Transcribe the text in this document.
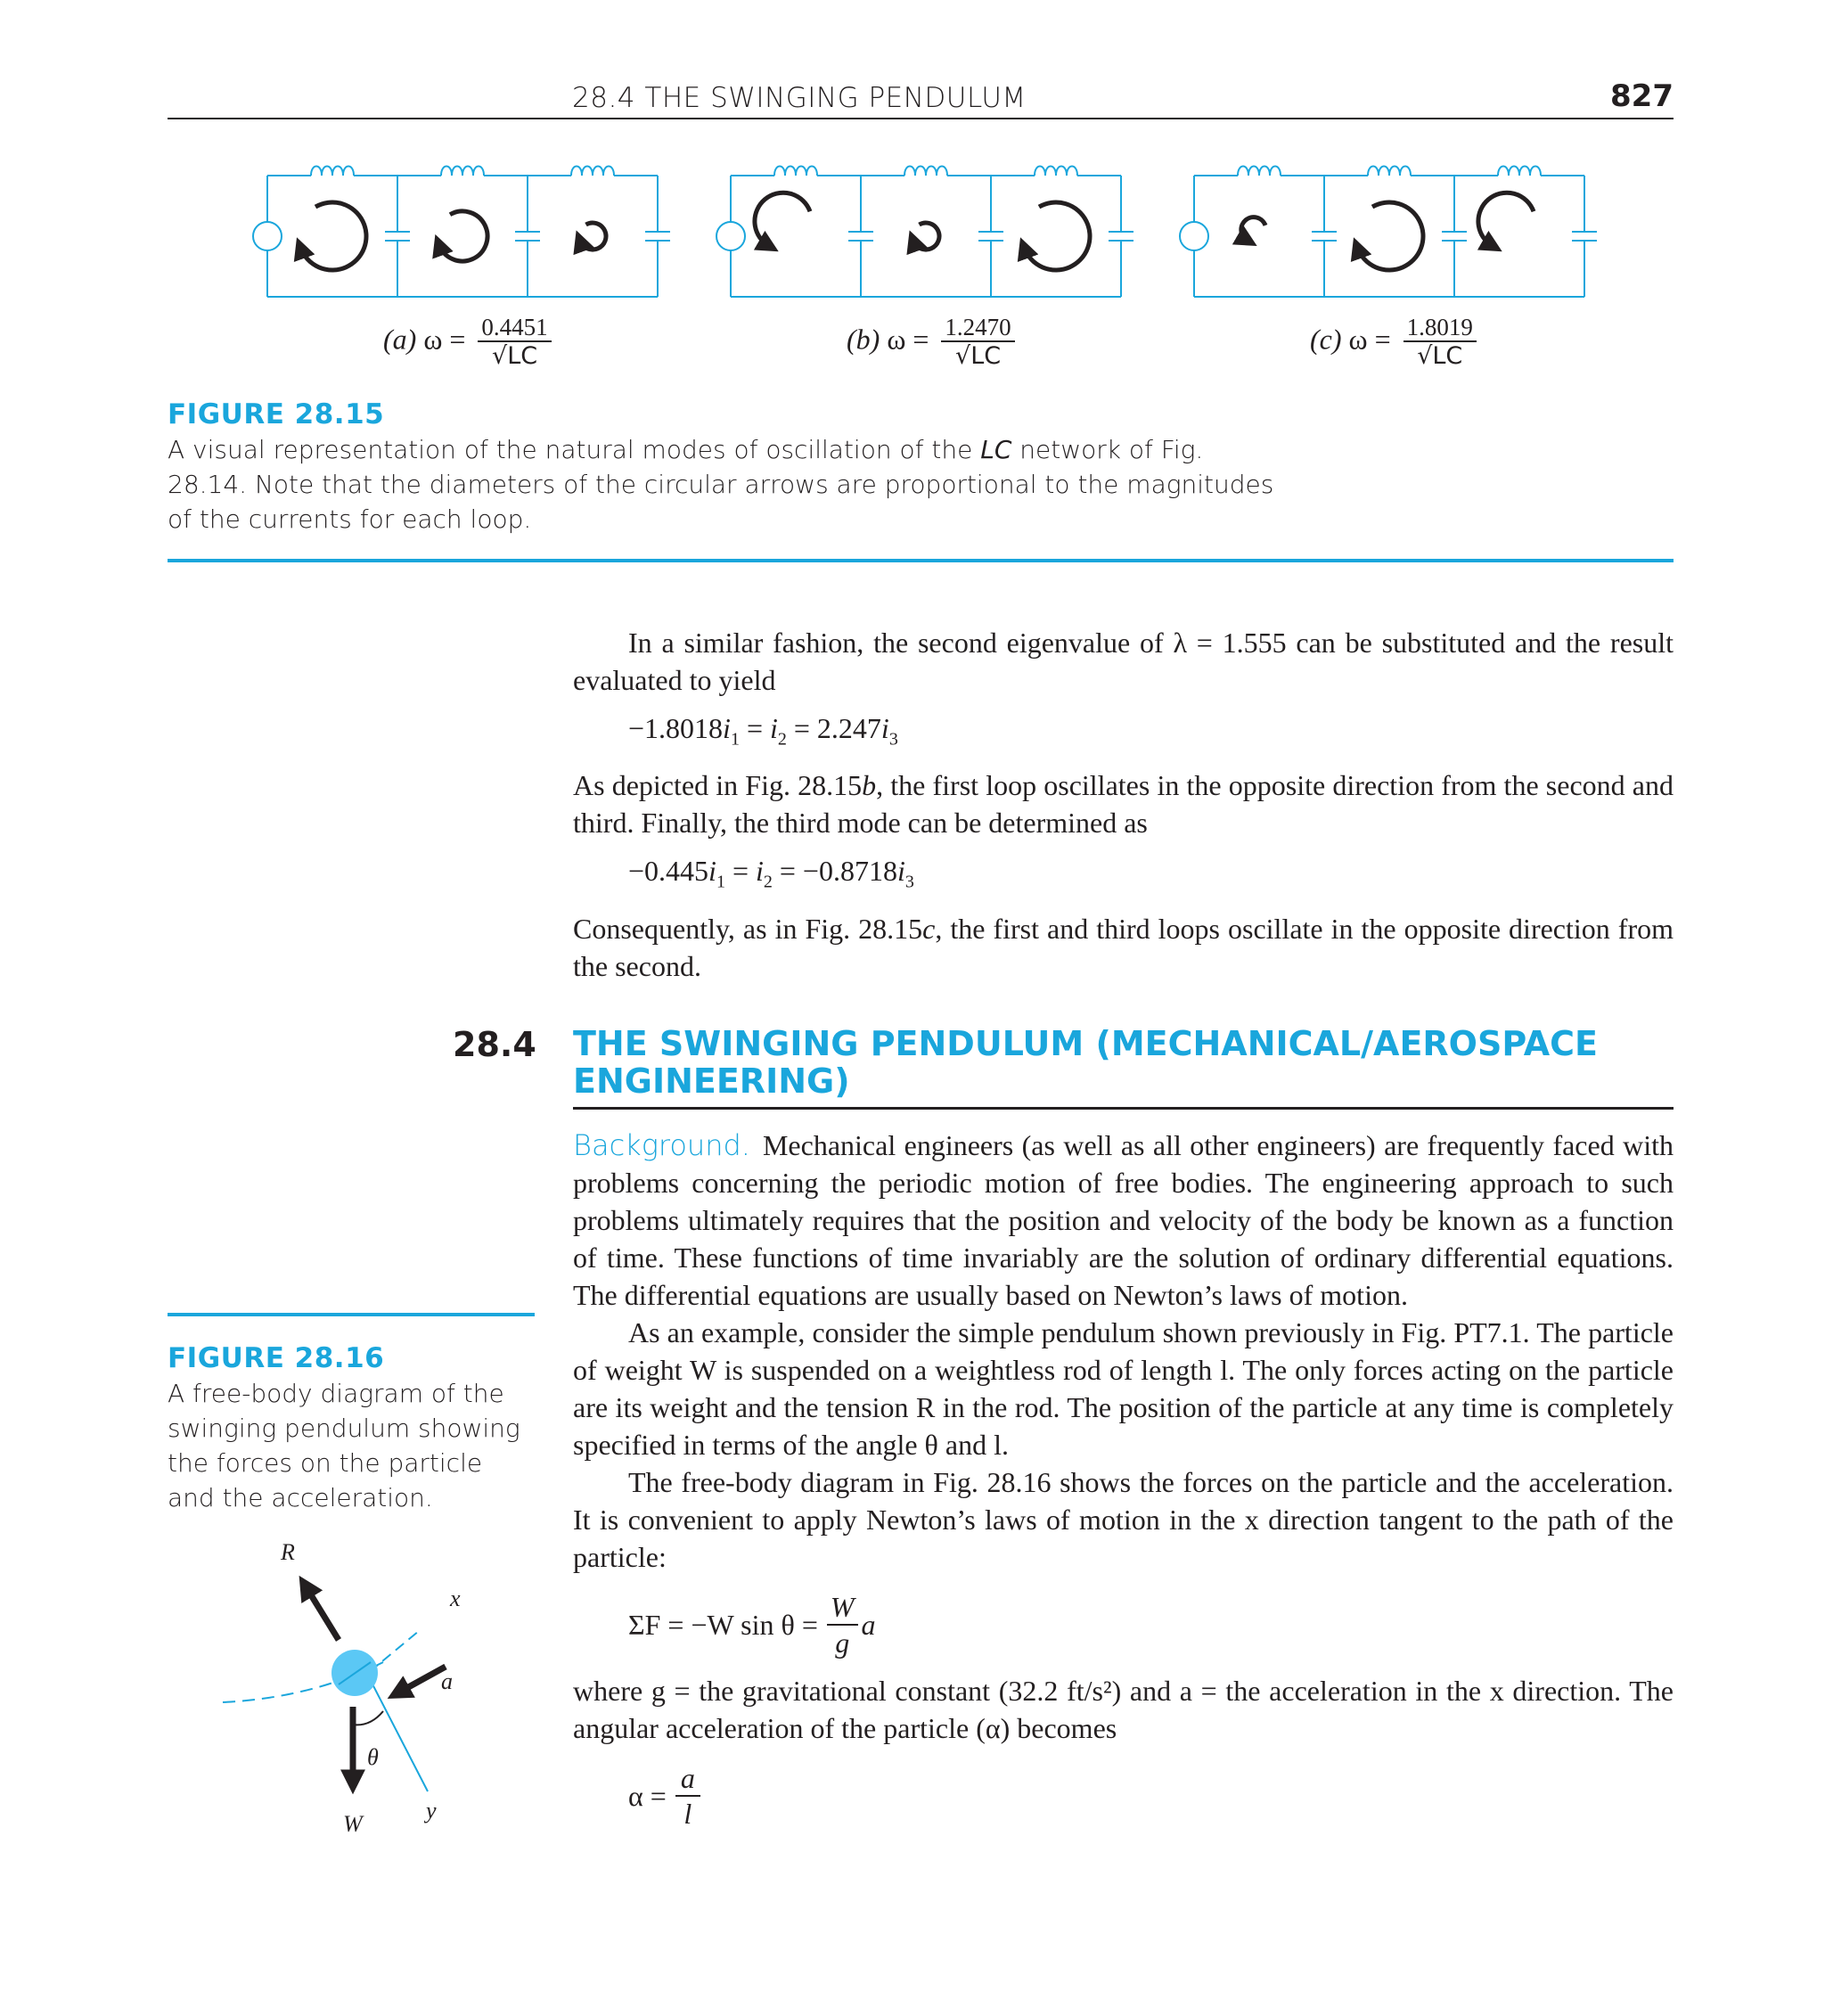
28.4 THE SWINGING PENDULUM	827
(a) $\omega = \frac{0.4451}{√LC}$	(b) $\omega = \frac{1.2470}{√LC}$	(c) $\omega = \frac{1.8019}{√LC}$
FIGURE 28.15
A visual representation of the natural modes of oscillation of the LC network of Fig. 28.14. Note that the diameters of the circular arrows are proportional to the magnitudes of the currents for each loop.

In a similar fashion, the second eigenvalue of λ = 1.555 can be substituted and the result evaluated to yield

$-1.8018i_1 = i_2 = 2.247i_3$

As depicted in Fig. 28.15b, the first loop oscillates in the opposite direction from the second and third. Finally, the third mode can be determined as

$-0.445i_1 = i_2 = -0.8718i_3$

Consequently, as in Fig. 28.15c, the first and third loops oscillate in the opposite direction from the second.

28.4 THE SWINGING PENDULUM (MECHANICAL/AEROSPACE ENGINEERING)

Background. Mechanical engineers (as well as all other engineers) are frequently faced with problems concerning the periodic motion of free bodies. The engineering approach to such problems ultimately requires that the position and velocity of the body be known as a function of time. These functions of time invariably are the solution of ordinary differential equations. The differential equations are usually based on Newton’s laws of motion.

As an example, consider the simple pendulum shown previously in Fig. PT7.1. The particle of weight W is suspended on a weightless rod of length l. The only forces acting on the particle are its weight and the tension R in the rod. The position of the particle at any time is completely specified in terms of the angle θ and l.

The free-body diagram in Fig. 28.16 shows the forces on the particle and the acceleration. It is convenient to apply Newton’s laws of motion in the x direction tangent to the path of the particle:

ΣF = −W $\sin \theta = \frac{W}{g}$ a

where g = the gravitational constant (32.2 ft/s²) and a = the acceleration in the x direction. The angular acceleration of the particle (α) becomes

$\alpha = \frac{a}{l}$
FIGURE 28.16
A free-body diagram of the swinging pendulum showing the forces on the particle and the acceleration.
R
x
a
θ
y
W
